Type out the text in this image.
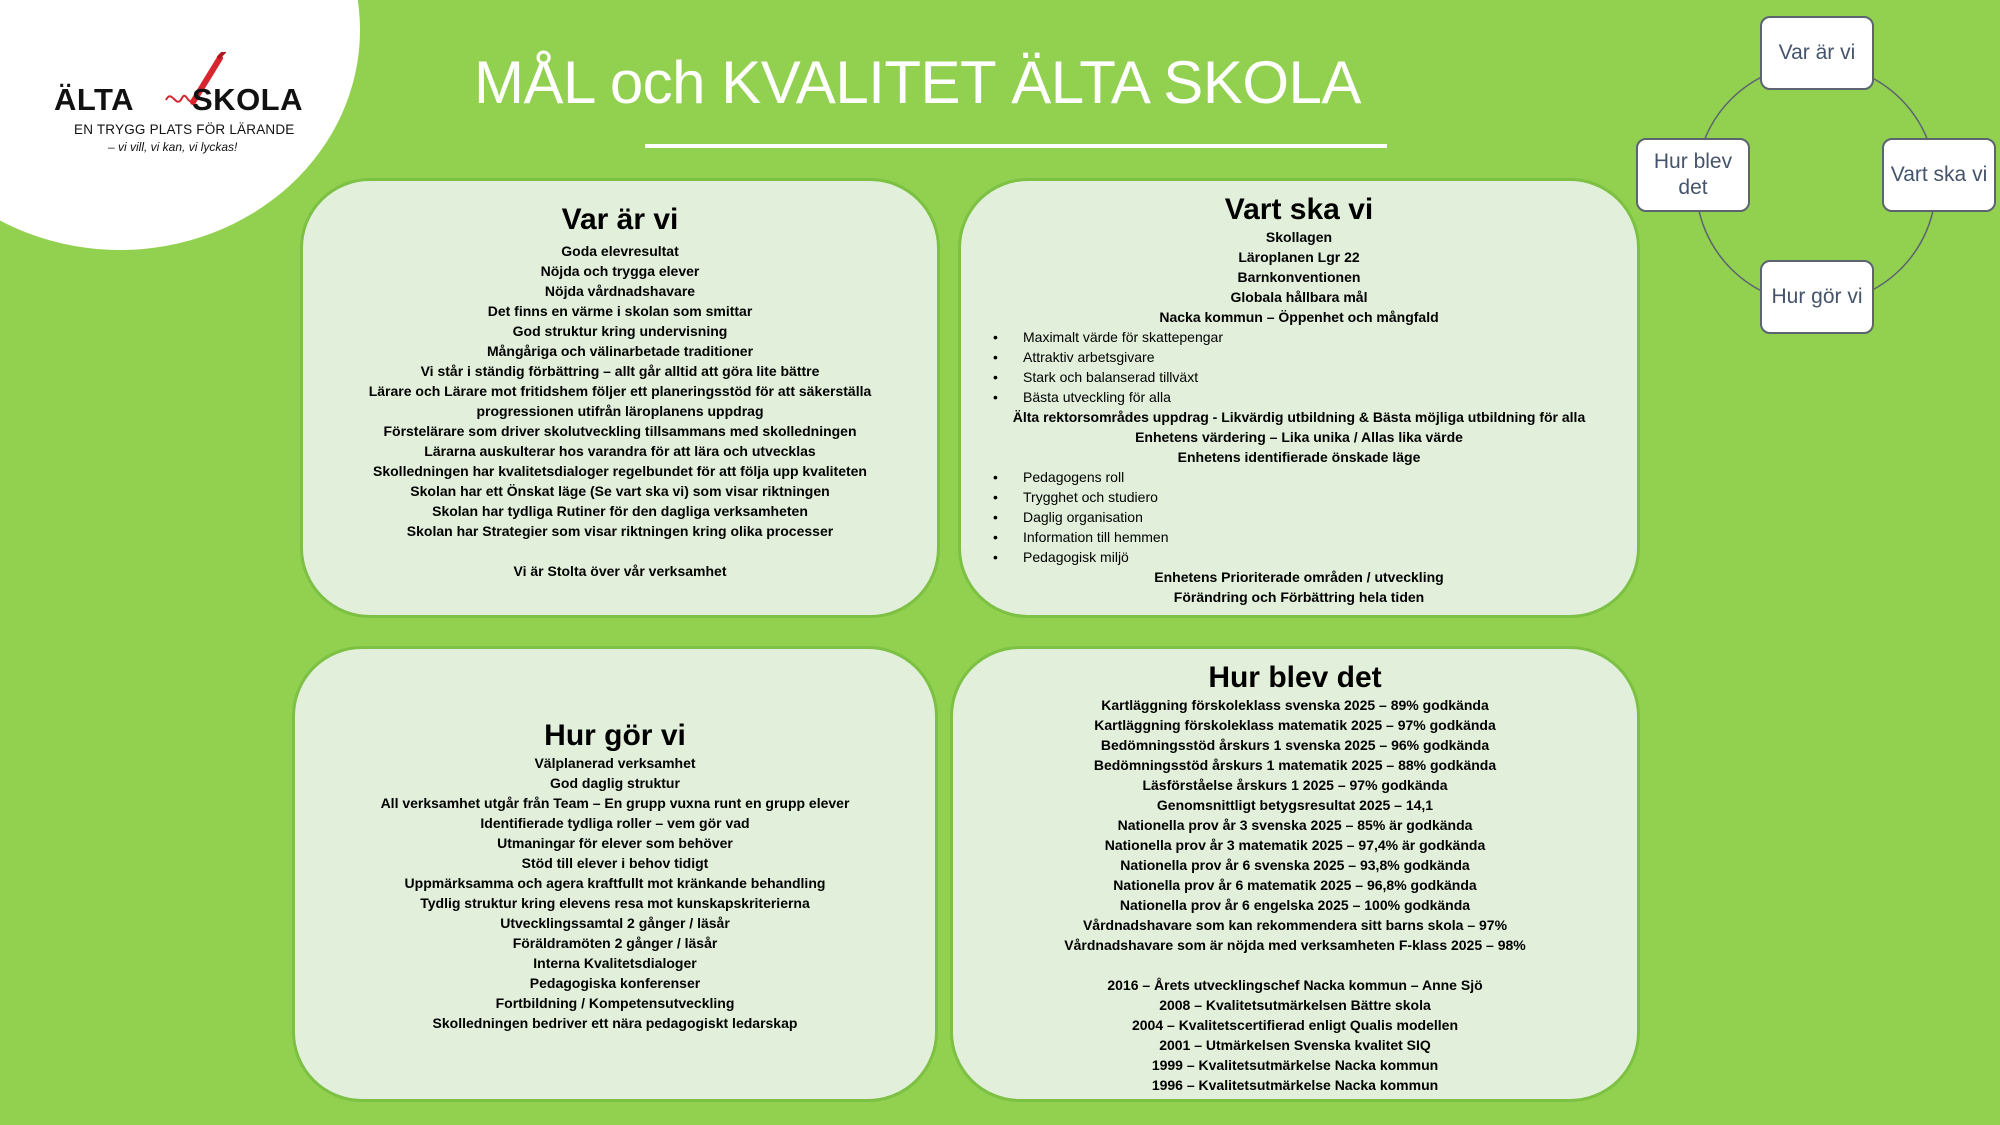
ÄLTA SKOLA
EN TRYGG PLATS FÖR LÄRANDE
– vi vill, vi kan, vi lyckas!
MÅL och KVALITET ÄLTA SKOLA
Var är vi
Goda elevresultat
Nöjda och trygga elever
Nöjda vårdnadshavare
Det finns en värme i skolan som smittar
God struktur kring undervisning
Mångåriga och välinarbetade traditioner
Vi står i ständig förbättring – allt går alltid att göra lite bättre
Lärare och Lärare mot fritidshem följer ett planeringsstöd för att säkerställa
progressionen utifrån läroplanens uppdrag
Förstelärare som driver skolutveckling tillsammans med skolledningen
Lärarna auskulterar hos varandra för att lära och utvecklas
Skolledningen har kvalitetsdialoger regelbundet för att följa upp kvaliteten
Skolan har ett Önskat läge (Se vart ska vi) som visar riktningen
Skolan har tydliga Rutiner för den dagliga verksamheten
Skolan har Strategier som visar riktningen kring olika processer
Vi är Stolta över vår verksamhet
Vart ska vi
Skollagen
Läroplanen Lgr 22
Barnkonventionen
Globala hållbara mål
Nacka kommun – Öppenhet och mångfald
• Maximalt värde för skattepengar
• Attraktiv arbetsgivare
• Stark och balanserad tillväxt
• Bästa utveckling för alla
Älta rektorsområdes uppdrag - Likvärdig utbildning & Bästa möjliga utbildning för alla
Enhetens värdering – Lika unika / Allas lika värde
Enhetens identifierade önskade läge
• Pedagogens roll
• Trygghet och studiero
• Daglig organisation
• Information till hemmen
• Pedagogisk miljö
Enhetens Prioriterade områden / utveckling
Förändring och Förbättring hela tiden
Hur gör vi
Välplanerad verksamhet
God daglig struktur
All verksamhet utgår från Team – En grupp vuxna runt en grupp elever
Identifierade tydliga roller – vem gör vad
Utmaningar för elever som behöver
Stöd till elever i behov tidigt
Uppmärksamma och agera kraftfullt mot kränkande behandling
Tydlig struktur kring elevens resa mot kunskapskriterierna
Utvecklingssamtal 2 gånger / läsår
Föräldramöten 2 gånger / läsår
Interna Kvalitetsdialoger
Pedagogiska konferenser
Fortbildning / Kompetensutveckling
Skolledningen bedriver ett nära pedagogiskt ledarskap
Hur blev det
Kartläggning förskoleklass svenska 2025 – 89% godkända
Kartläggning förskoleklass matematik 2025 – 97% godkända
Bedömningsstöd årskurs 1 svenska 2025 – 96% godkända
Bedömningsstöd årskurs 1 matematik 2025 – 88% godkända
Läsförståelse årskurs 1 2025 – 97% godkända
Genomsnittligt betygsresultat 2025 – 14,1
Nationella prov år 3 svenska 2025 – 85% är godkända
Nationella prov år 3 matematik 2025 – 97,4% är godkända
Nationella prov år 6 svenska 2025 – 93,8% godkända
Nationella prov år 6 matematik 2025 – 96,8% godkända
Nationella prov år 6 engelska 2025 – 100% godkända
Vårdnadshavare som kan rekommendera sitt barns skola – 97%
Vårdnadshavare som är nöjda med verksamheten F-klass 2025 – 98%
2016 – Årets utvecklingschef Nacka kommun – Anne Sjö
2008 – Kvalitetsutmärkelsen Bättre skola
2004 – Kvalitetscertifierad enligt Qualis modellen
2001 – Utmärkelsen Svenska kvalitet SIQ
1999 – Kvalitetsutmärkelse Nacka kommun
1996 – Kvalitetsutmärkelse Nacka kommun
Var är vi
Vart ska vi
Hur gör vi
Hur blev det
